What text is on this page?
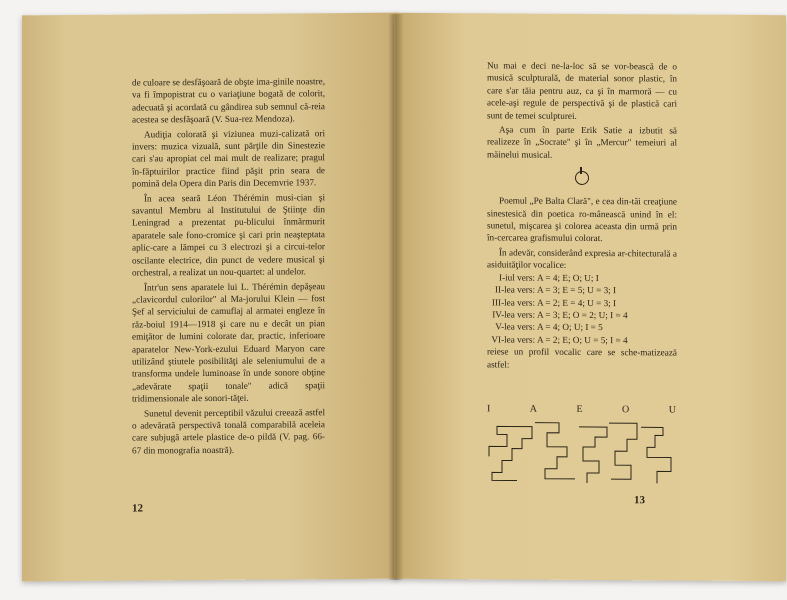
de culoare se desfăşoară de obşte ima-ginile noastre, va fi împopistrat cu o variaţiune bogată de colorit, adecuată şi acordată cu gândirea sub semnul că-reia acestea se desfăşoară (V. Sua-rez Mendoza).

Audiţia colorată şi viziunea muzi-calizată ori invers: muzica vizuală, sunt părţile din Sinestezie cari s'au apropiat cel mai mult de realizare; pragul în-făptuirilor practice fiind păşit prin searа de pomină dela Opera din Paris din Decemvrie 1937.

În acea seară Léon Thérémin musi-cian şi savantul Membru al Institutului de Ştiinţe din Leningrad a prezentat pu-blicului înmărmurit aparatele sale fono-cromice şi cari prin neaşteptata aplic-care a lămpei cu 3 electrozi şi a circui-telor oscilante electrice, din punct de vedere musical şi orchestral, a realizat un nou-quartet: al undelor.

Într'un sens aparatele lui L. Thérémin depăşeau „clavicordul culorilor" al Ma-jorului Klein — fost Şef al serviciului de camuflaj al armatei engleze în răz-boiul 1914—1918 şi care nu e decât un pian emiţător de lumini colorate dar, practic, inferioare aparatelor New-York-ezului Eduard Maryon care utilizând ştiutele posibilităţi ale seleniumului de a transforma undele luminoase în unde sonore obţine „adevărate spaţii tonale" adică spaţii tridimensionale ale sonori-tăţei.

Sunetul devenit perceptibil văzului creează astfel o adevărată perspectivă tonală comparabilă aceleia care subjugă artele plastice de-o pildă (V. pag. 66-67 din monografia noastră).

12

Nu mai e deci ne-la-loc să se vor-bească de o musică sculpturală, de material sonor plastic, în care s'ar tăia pentru auz, ca şi în marmoră — cu acele-aşi regule de perspectivă şi de plastică cari sunt de temei sculpturei.

Aşa cum în parte Erik Satie a izbutit să realizeze în „Socrate" şi în „Mercur" temeiuri al măinelui musical.

Poemul „Pe Balta Clară", e cea din-tâi creaţiune sinestesică din poetica ro-mânească unind în el: sunetul, mişcarea şi colorea aceasta din urmă prin în-cercarea grafismului colorat.

În adevăr, considerând expresia ar-chitecturală a asiduităţilor vocalice:

I-iul vers: A = 4; E; O; U; I
II-lea vers: A = 3; E = 5; U = 3; I
III-lea vers: A = 2; E = 4; U = 3; I
IV-lea vers: A = 3; E; O = 2; U; I = 4
V-lea vers: A = 4; O; U; I = 5
VI-lea vers: A = 2; E; O; U = 5; I = 4

reiese un profil vocalic care se sche-matizează astfel:

I	A	E	O	U
13
